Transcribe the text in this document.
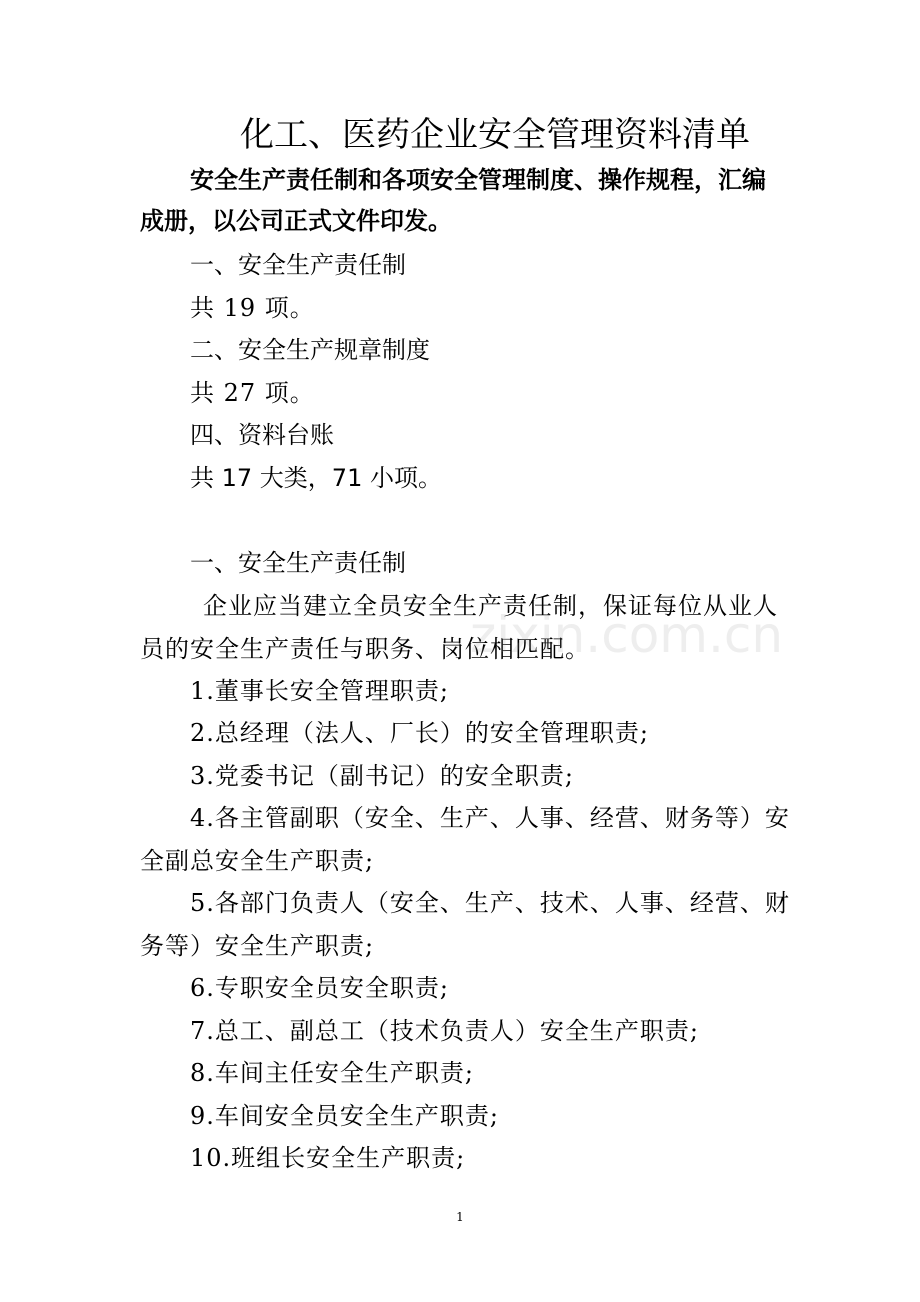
化工、医药企业安全管理资料清单
安全生产责任制和各项安全管理制度、操作规程，汇编
成册，以公司正式文件印发。
一、安全生产责任制
共 19 项。
二、安全生产规章制度
共 27 项。
四、资料台账
共 17 大类，71 小项。
一、安全生产责任制
企业应当建立全员安全生产责任制，保证每位从业人
员的安全生产责任与职务、岗位相匹配。
1.董事长安全管理职责;
2.总经理（法人、厂长）的安全管理职责;
3.党委书记（副书记）的安全职责;
4.各主管副职（安全、生产、人事、经营、财务等）安
全副总安全生产职责;
5.各部门负责人（安全、生产、技术、人事、经营、财
务等）安全生产职责;
6.专职安全员安全职责;
7.总工、副总工（技术负责人）安全生产职责;
8.车间主任安全生产职责;
9.车间安全员安全生产职责;
10.班组长安全生产职责;
zixin.com.cn
1
